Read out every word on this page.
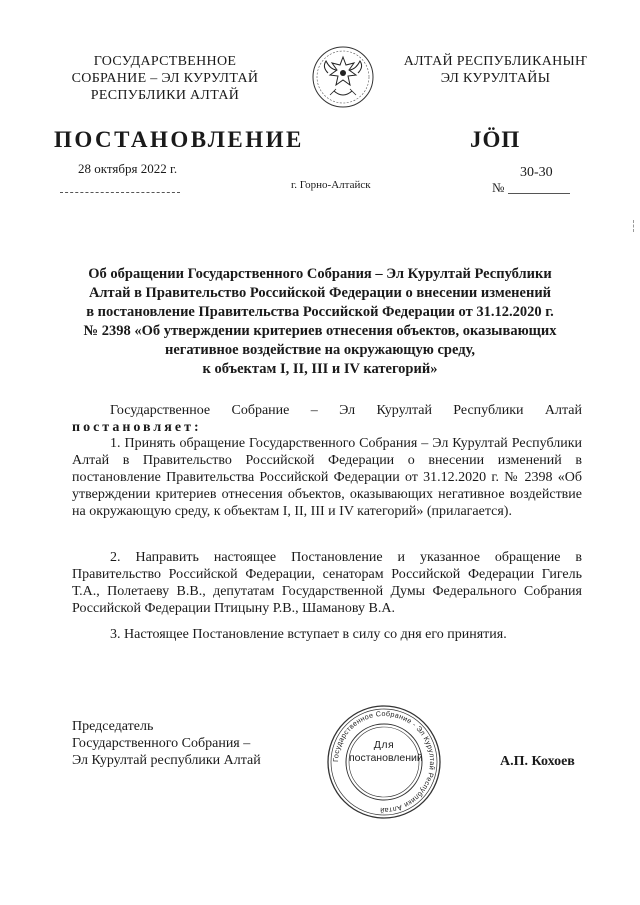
ГОСУДАРСТВЕННОЕ
СОБРАНИЕ – ЭЛ КУРУЛТАЙ
РЕСПУБЛИКИ АЛТАЙ
АЛТАЙ РЕСПУБЛИКАНЫҤ
ЭЛ КУРУЛТАЙЫ
ПОСТАНОВЛЕНИЕ	JӦП
28 октября 2022 г.
г. Горно-Алтайск
30-30
№
Об обращении Государственного Собрания – Эл Курултай Республики
Алтай в Правительство Российской Федерации о внесении изменений
в постановление Правительства Российской Федерации от 31.12.2020 г.
№ 2398 «Об утверждении критериев отнесения объектов, оказывающих
негативное воздействие на окружающую среду,
к объектам I, II, III и IV категорий»
Государственное Собрание – Эл Курултай Республики Алтай постановляет:
1. Принять обращение Государственного Собрания – Эл Курултай Республики Алтай в Правительство Российской Федерации о внесении изменений в постановление Правительства Российской Федерации от 31.12.2020 г. № 2398 «Об утверждении критериев отнесения объектов, оказывающих негативное воздействие на окружающую среду, к объектам I, II, III и IV категорий» (прилагается).
2. Направить настоящее Постановление и указанное обращение в Правительство Российской Федерации, сенаторам Российской Федерации Гигель Т.А., Полетаеву В.В., депутатам Государственной Думы Федерального Собрания Российской Федерации Птицыну Р.В., Шаманову В.А.
3. Настоящее Постановление вступает в силу со дня его принятия.
Председатель
Государственного Собрания –
Эл Курултай республики Алтай	Государственное Собрание - Эл Курултай Республики Алтай
Для
постановлений	А.П. Кохоев
